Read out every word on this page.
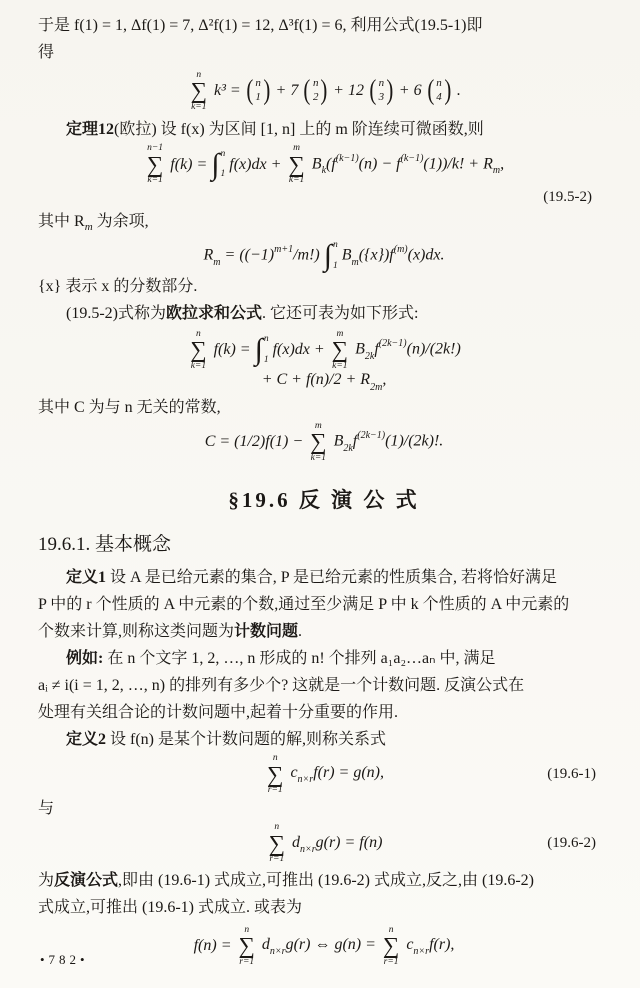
于是 f(1) = 1, Δf(1) = 7, Δ²f(1) = 12, Δ³f(1) = 6, 利用公式(19.5-1)即
得
n
∑
k=1
k³ = ( n
1 ) + 7 ( n
2 ) + 12 ( n
3 ) + 6 ( n
4 ) .
定理12(欧拉) 设 f(x) 为区间 [1, n] 上的 m 阶连续可微函数,则
n−1
∑
k=1
f(k) = ∫ n
1
f(x)dx +
m
∑
k=1
$B_k(f^{(k-1)}(n) - f^{(k-1)}(1))/k$! + $R_m$,
(19.5-2)
其中 $R_m$ 为余项,
$R_m = ((-1)^{m+1}/m!)$ ∫ n
1
$B_m(\{x\})f^{(m)}(x)dx$.
{x} 表示 x 的分数部分.
(19.5-2)式称为欧拉求和公式. 它还可表为如下形式:
n
∑
k=1
f(k) = ∫ n
1
f(x)dx +
m
∑
k=1
$B_{2k}f^{(2k-1)}(n)/(2k!)$
+ $C + f(n)/2 + R_{2m}$,
其中 C 为与 n 无关的常数,
C = (1/2)f(1) −
m
∑
k=1
$B_{2k}f^{(2k-1)}(1)/(2k)$!.
§19.6 反 演 公 式
19.6.1. 基本概念
定义1 设 A 是已给元素的集合, P 是已给元素的性质集合, 若将恰好满足
P 中的 r 个性质的 A 中元素的个数,通过至少满足 P 中 k 个性质的 A 中元素的
个数来计算,则称这类问题为计数问题.
例如: 在 n 个文字 1, 2, …, n 形成的 n! 个排列 a₁a₂…aₙ 中, 满足
aᵢ ≠ i(i = 1, 2, …, n) 的排列有多少个? 这就是一个计数问题. 反演公式在
处理有关组合论的计数问题中,起着十分重要的作用.
定义2 设 f(n) 是某个计数问题的解,则称关系式
n
∑
r=1
$c_{n\times r}f(r) = g(n)$,	(19.6-1)
与
n
∑
r=1
$d_{n\times r}g(r) = f(n)$	(19.6-2)
为反演公式,即由 (19.6-1) 式成立,可推出 (19.6-2) 式成立,反之,由 (19.6-2)
式成立,可推出 (19.6-1) 式成立. 或表为
f(n) =
n
∑
r=1
$d_{n\times r}g(r)$ ⇔ g(n) =
n
∑
r=1
$c_{n\times r}f(r)$,
•782•
